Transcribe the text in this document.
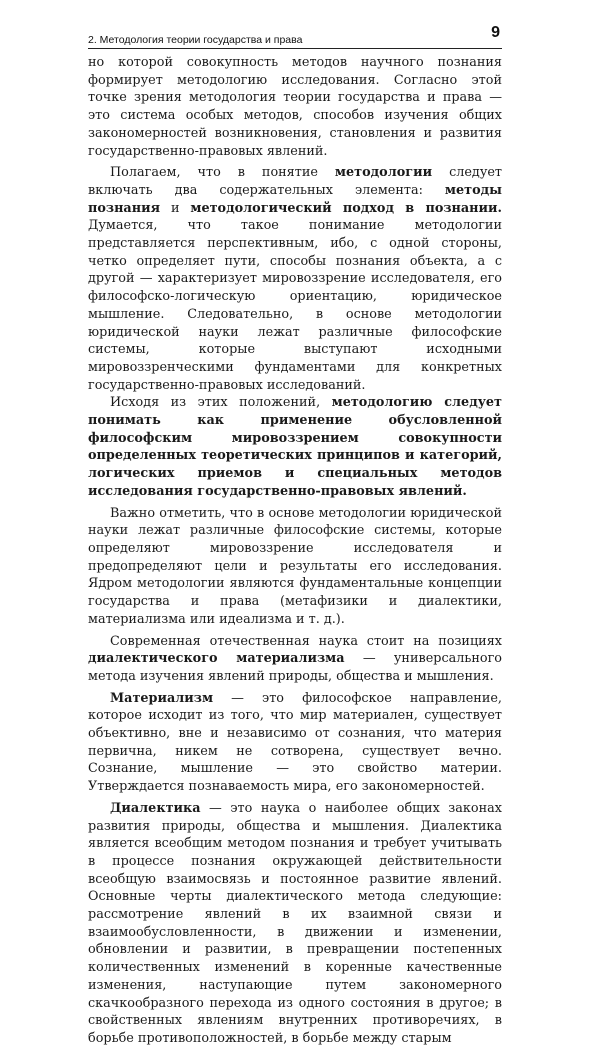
2. Методология теории государства и права	9

но которой совокупность методов научного познания формирует методологию исследования. Согласно этой точке зрения методология теории государства и права — это система особых методов, способов изучения общих закономерностей возникновения, становления и развития государственно-правовых явлений.

Полагаем, что в понятие методологии следует включать два содержательных элемента: методы познания и методологический подход в познании. Думается, что такое понимание методологии представляется перспективным, ибо, с одной стороны, четко определяет пути, способы познания объекта, а с другой — характеризует мировоззрение исследователя, его философско-логическую ориентацию, юридическое мышление. Следовательно, в основе методологии юридической науки лежат различные философские системы, которые выступают исходными мировоззренческими фундаментами для конкретных государственно-правовых исследований.

Исходя из этих положений, методологию следует понимать как применение обусловленной философским мировоззрением совокупности определенных теоретических принципов и категорий, логических приемов и специальных методов исследования государственно-правовых явлений.

Важно отметить, что в основе методологии юридической науки лежат различные философские системы, которые определяют мировоззрение исследователя и предопределяют цели и результаты его исследования. Ядром методологии являются фундаментальные концепции государства и права (метафизики и диалектики, материализма или идеализма и т. д.).

Современная отечественная наука стоит на позициях диалектического материализма — универсального метода изучения явлений природы, общества и мышления.

Материализм — это философское направление, которое исходит из того, что мир материален, существует объективно, вне и независимо от сознания, что материя первична, никем не сотворена, существует вечно. Сознание, мышление — это свойство материи. Утверждается познаваемость мира, его закономерностей.

Диалектика — это наука о наиболее общих законах развития природы, общества и мышления. Диалектика является всеобщим методом познания и требует учитывать в процессе познания окружающей действительности всеобщую взаимосвязь и постоянное развитие явлений. Основные черты диалектического метода следующие: рассмотрение явлений в их взаимной связи и взаимообусловленности, в движении и изменении, обновлении и развитии, в превращении постепенных количественных изменений в коренные качественные изменения, наступающие путем закономерного скачкообразного перехода из одного состояния в другое; в свойственных явлениям внутренних противоречиях, в борьбе противоположностей, в борьбе между старым
